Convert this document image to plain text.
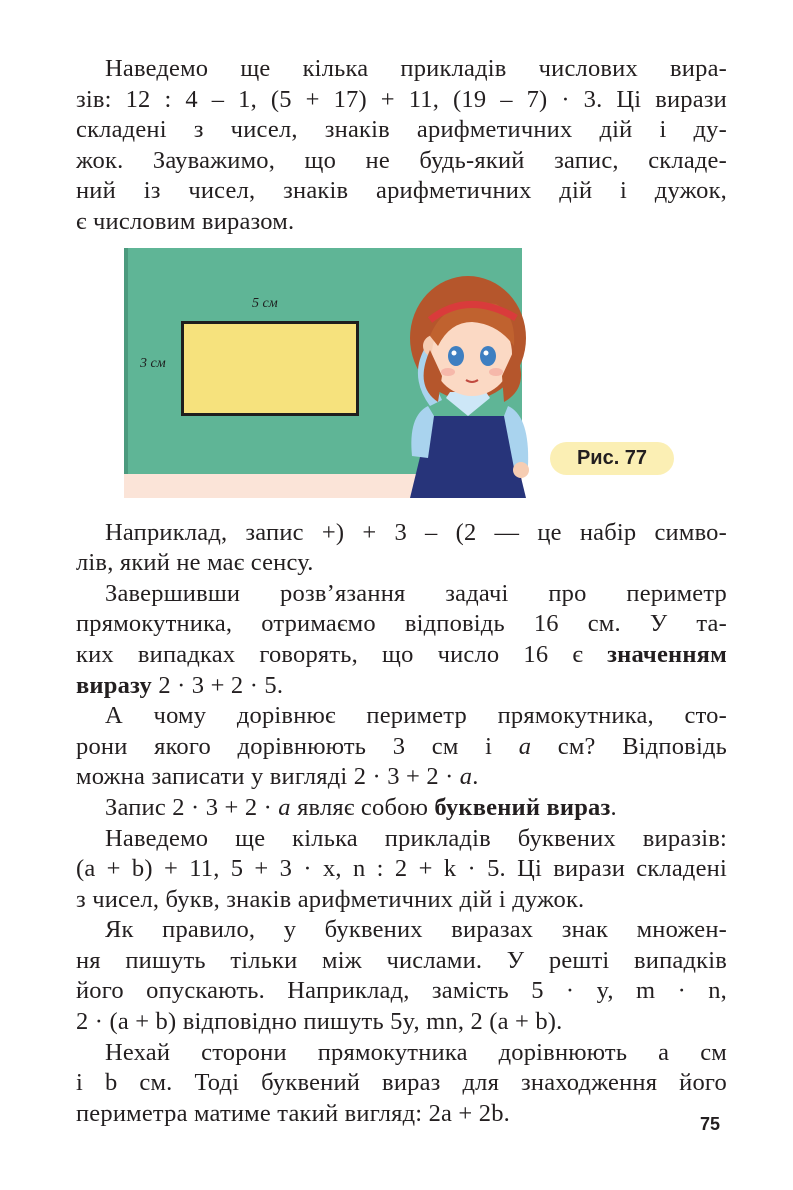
Наведемо ще кілька прикладів числових вира-
зів: 12 : 4 – 1, (5 + 17) + 11, (19 – 7) · 3. Ці вирази
складені з чисел, знаків арифметичних дій і ду-
жок. Зауважимо, що не будь-який запис, складе-
ний із чисел, знаків арифметичних дій і дужок,
є числовим виразом.

5 см
3 см
Рис. 77

Наприклад, запис +) + 3 – (2 — це набір симво-
лів, який не має сенсу.

Завершивши розв’язання задачі про периметр
прямокутника, отримаємо відповідь 16 см. У та-
ких випадках говорять, що число 16 є значенням
виразу 2 · 3 + 2 · 5.

А чому дорівнює периметр прямокутника, сто-
рони якого дорівнюють 3 см і a см? Відповідь
можна записати у вигляді 2 · 3 + 2 · a.

Запис 2 · 3 + 2 · a являє собою буквений вираз.

Наведемо ще кілька прикладів буквених виразів:
(a + b) + 11, 5 + 3 · x, n : 2 + k · 5. Ці вирази складені
з чисел, букв, знаків арифметичних дій і дужок.

Як правило, у буквених виразах знак множен-
ня пишуть тільки між числами. У решті випадків
його опускають. Наприклад, замість 5 · y, m · n,
2 · (a + b) відповідно пишуть 5y, mn, 2 (a + b).

Нехай сторони прямокутника дорівнюють a см
і b см. Тоді буквений вираз для знаходження його
периметра матиме такий вигляд: 2a + 2b.	75
